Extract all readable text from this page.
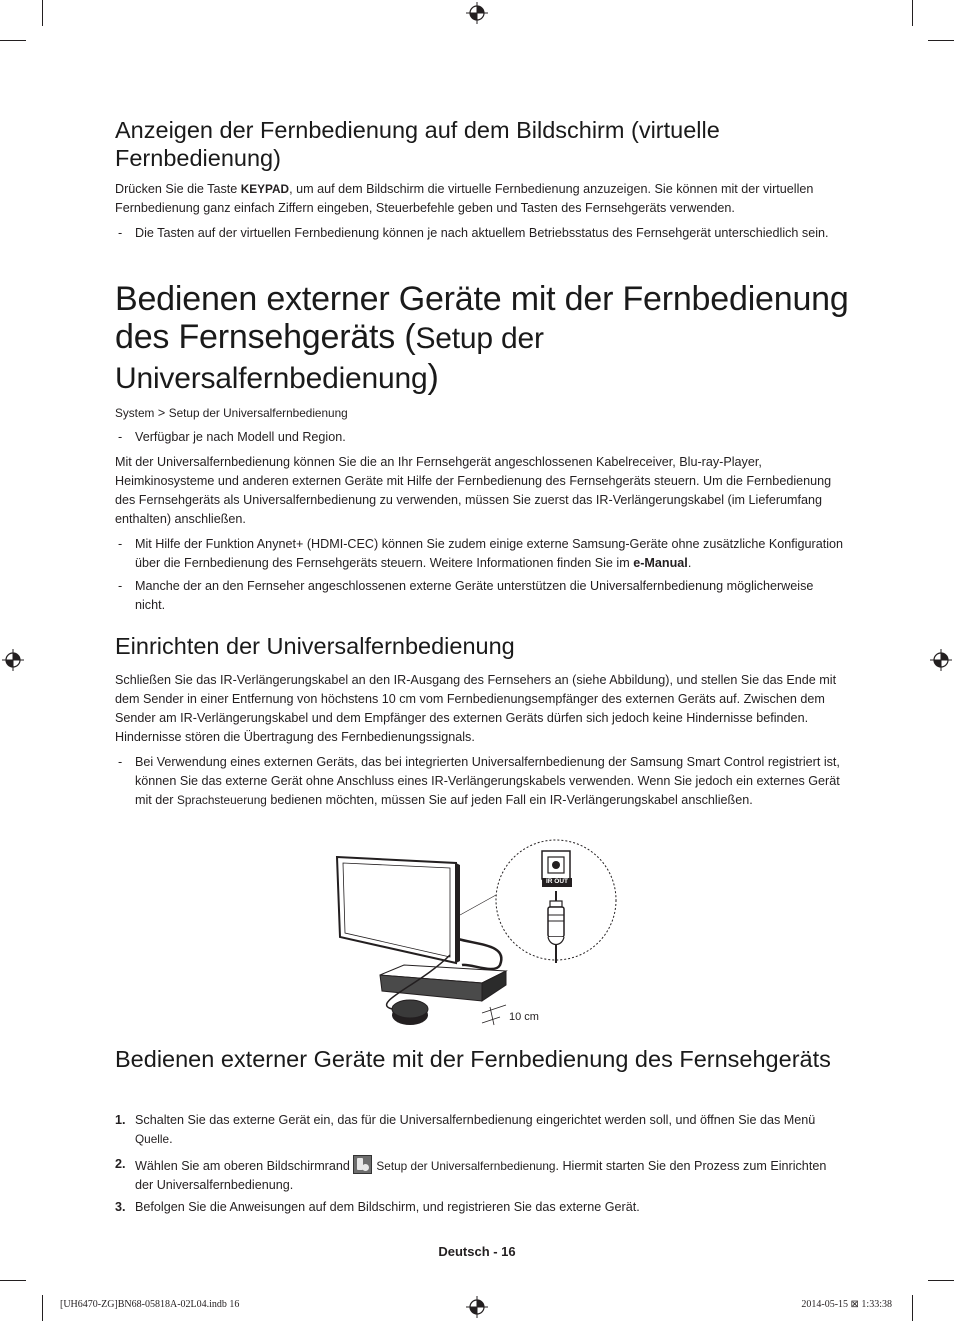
Anzeigen der Fernbedienung auf dem Bildschirm (virtuelle Fernbedienung)
Drücken Sie die Taste KEYPAD, um auf dem Bildschirm die virtuelle Fernbedienung anzuzeigen. Sie können mit der virtuellen Fernbedienung ganz einfach Ziffern eingeben, Steuerbefehle geben und Tasten des Fernsehgeräts verwenden.
- Die Tasten auf der virtuellen Fernbedienung können je nach aktuellem Betriebsstatus des Fernsehgerät unterschiedlich sein.
Bedienen externer Geräte mit der Fernbedienung des Fernsehgeräts (Setup der Universalfernbedienung)
System > Setup der Universalfernbedienung
- Verfügbar je nach Modell und Region.
Mit der Universalfernbedienung können Sie die an Ihr Fernsehgerät angeschlossenen Kabelreceiver, Blu-ray-Player, Heimkinosysteme und anderen externen Geräte mit Hilfe der Fernbedienung des Fernsehgeräts steuern. Um die Fernbedienung des Fernsehgeräts als Universalfernbedienung zu verwenden, müssen Sie zuerst das IR-Verlängerungskabel (im Lieferumfang enthalten) anschließen.
- Mit Hilfe der Funktion Anynet+ (HDMI-CEC) können Sie zudem einige externe Samsung-Geräte ohne zusätzliche Konfiguration über die Fernbedienung des Fernsehgeräts steuern. Weitere Informationen finden Sie im e-Manual.
- Manche der an den Fernseher angeschlossenen externe Geräte unterstützen die Universalfernbedienung möglicherweise nicht.
Einrichten der Universalfernbedienung
Schließen Sie das IR-Verlängerungskabel an den IR-Ausgang des Fernsehers an (siehe Abbildung), und stellen Sie das Ende mit dem Sender in einer Entfernung von höchstens 10 cm vom Fernbedienungsempfänger des externen Geräts auf. Zwischen dem Sender am IR-Verlängerungskabel und dem Empfänger des externen Geräts dürfen sich jedoch keine Hindernisse befinden. Hindernisse stören die Übertragung des Fernbedienungssignals.
- Bei Verwendung eines externen Geräts, das bei integrierten Universalfernbedienung der Samsung Smart Control registriert ist, können Sie das externe Gerät ohne Anschluss eines IR-Verlängerungskabels verwenden. Wenn Sie jedoch ein externes Gerät mit der Sprachsteuerung bedienen möchten, müssen Sie auf jeden Fall ein IR-Verlängerungskabel anschließen.
IR OUT
10 cm
Bedienen externer Geräte mit der Fernbedienung des Fernsehgeräts
1. Schalten Sie das externe Gerät ein, das für die Universalfernbedienung eingerichtet werden soll, und öffnen Sie das Menü Quelle.
2. Wählen Sie am oberen Bildschirmrand
Setup der Universalfernbedienung. Hiermit starten Sie den Prozess zum Einrichten der Universalfernbedienung.
3. Befolgen Sie die Anweisungen auf dem Bildschirm, und registrieren Sie das externe Gerät.
Deutsch - 16
[UH6470-ZG]BN68-05818A-02L04.indb 16	2014-05-15 ⊠ 1:33:38
